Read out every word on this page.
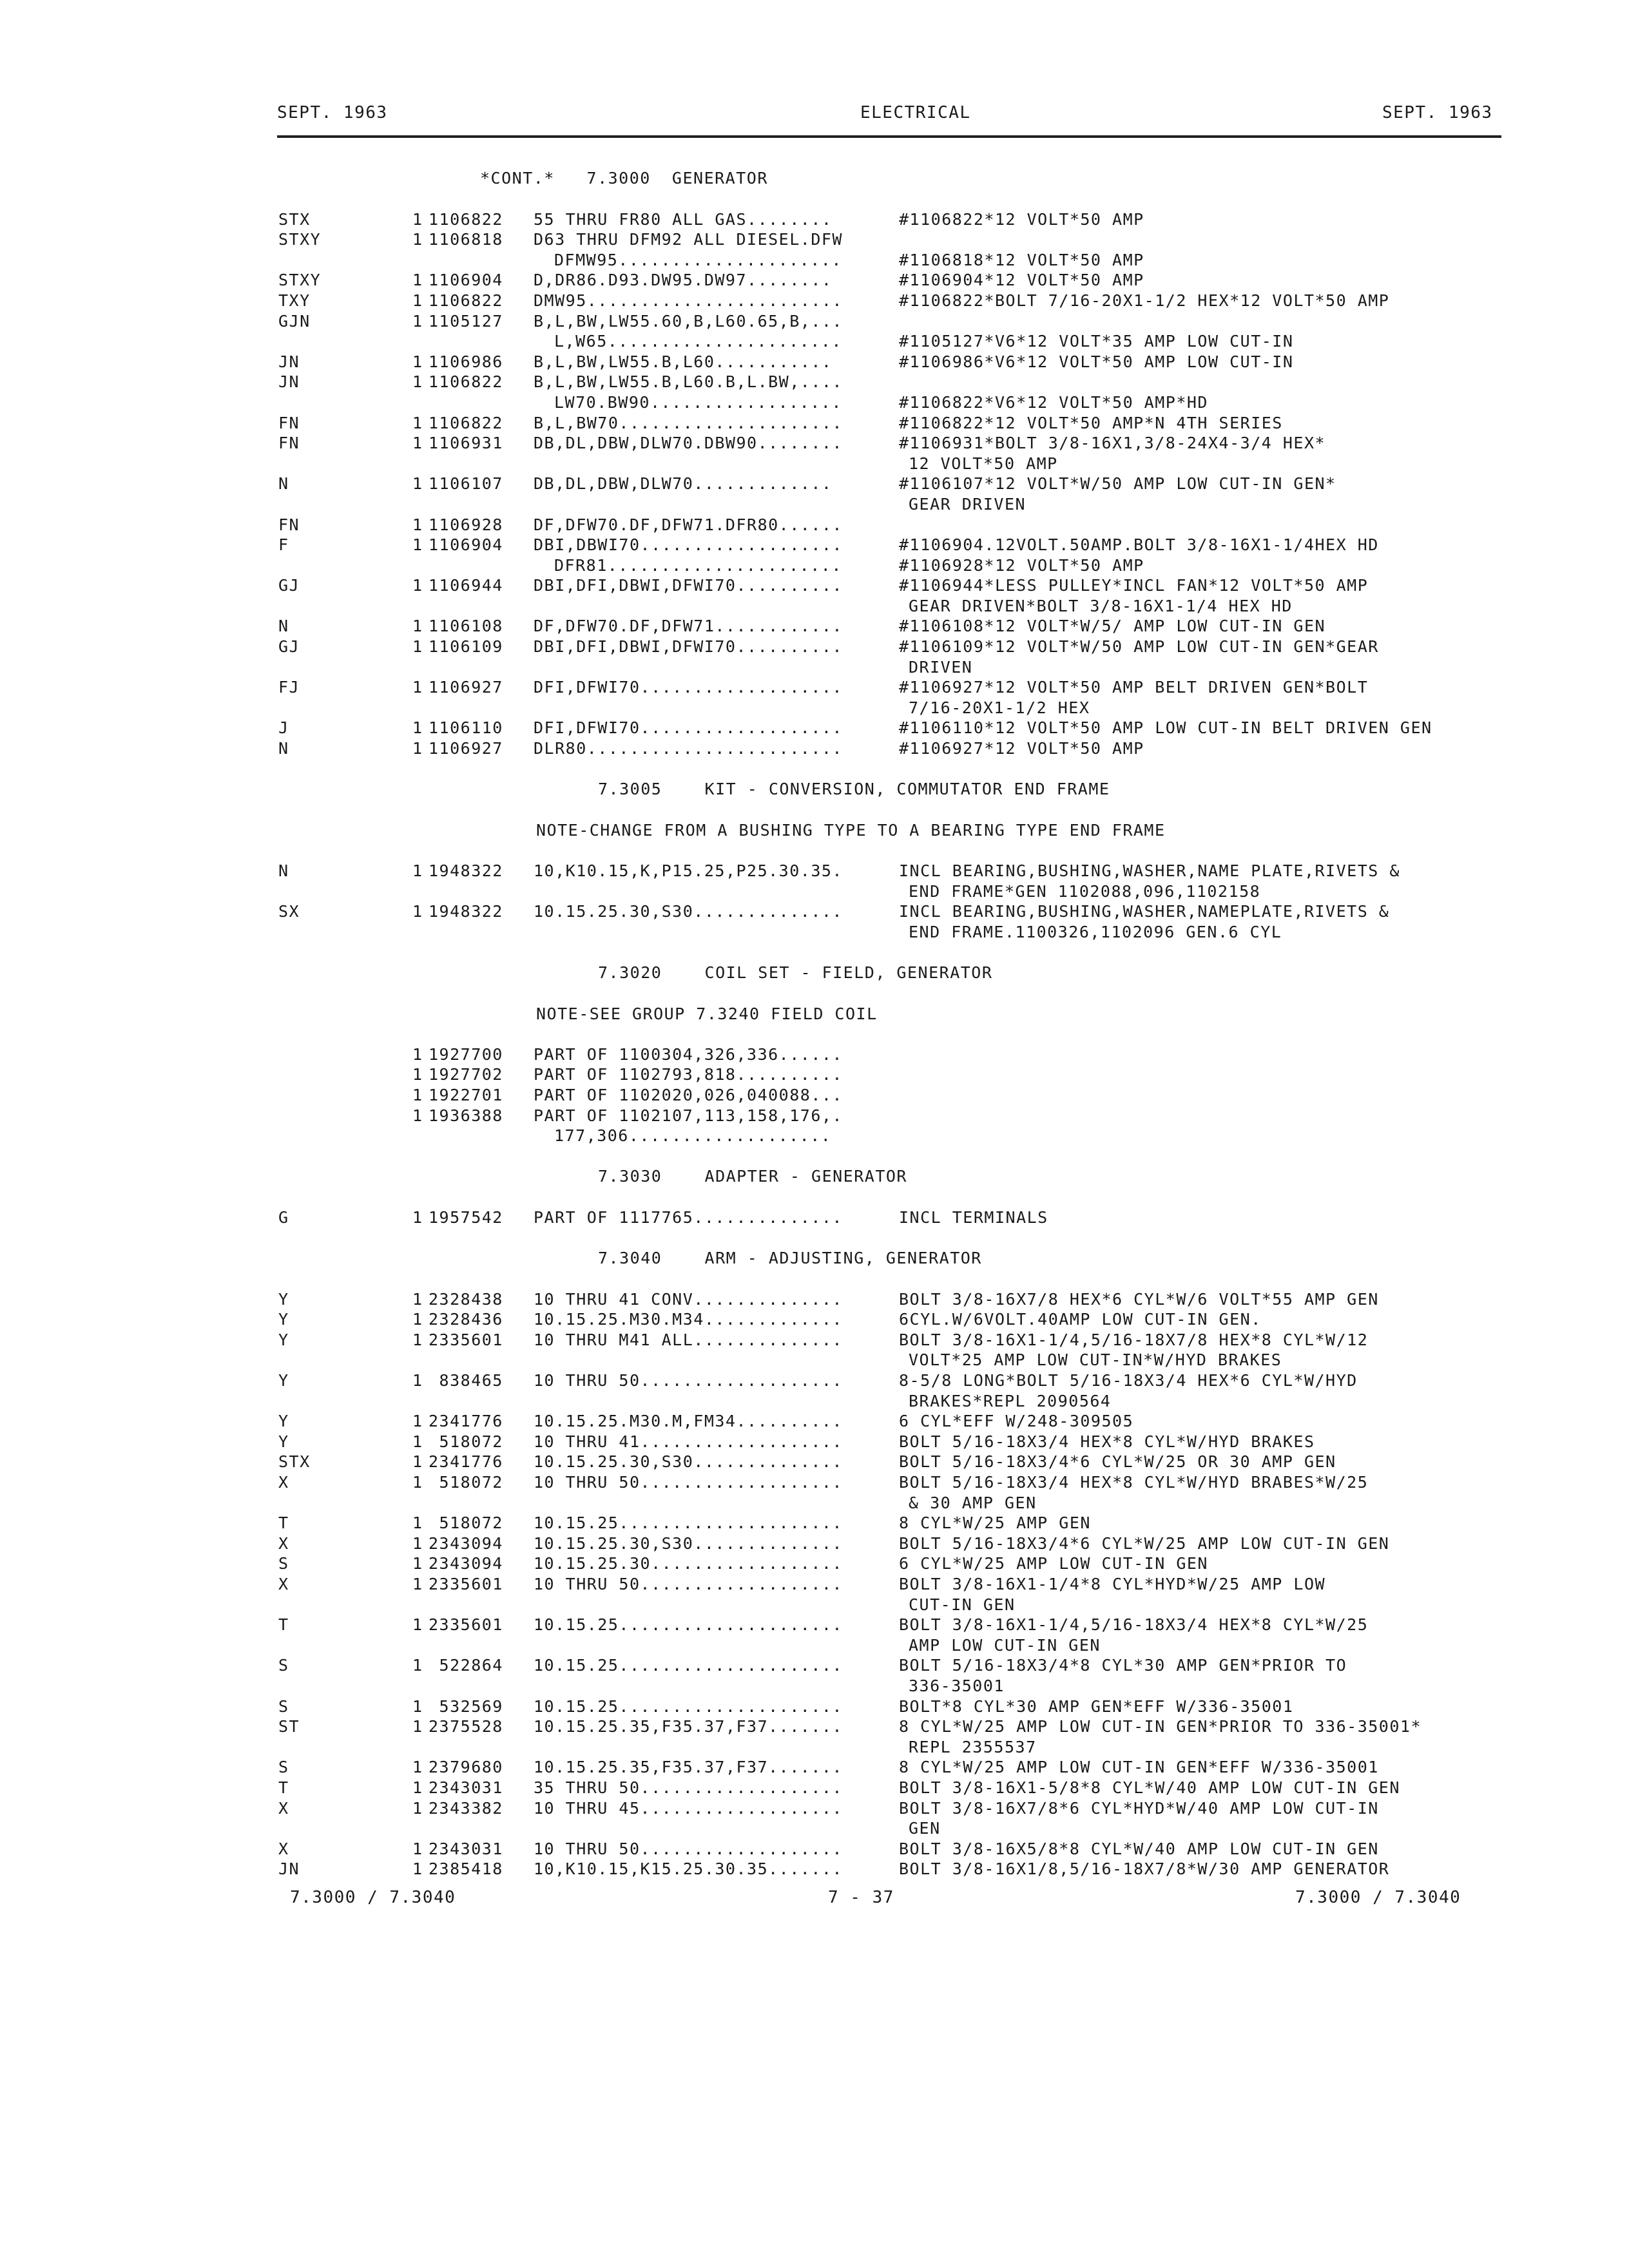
SEPT. 1963	ELECTRICAL	SEPT. 1963
*CONT.*   7.3000  GENERATOR
STX	1 1106822 55 THRU FR80 ALL GAS........	#1106822*12 VOLT*50 AMP
STXY	1 1106818 D63 THRU DFM92 ALL DIESEL.DFW
DFMW95.....................	#1106818*12 VOLT*50 AMP
STXY	1 1106904 D,DR86.D93.DW95.DW97........	#1106904*12 VOLT*50 AMP
TXY	1 1106822 DMW95........................	#1106822*BOLT 7/16-20X1-1/2 HEX*12 VOLT*50 AMP
GJN	1 1105127 B,L,BW,LW55.60,B,L60.65,B,...
L,W65......................	#1105127*V6*12 VOLT*35 AMP LOW CUT-IN
JN	1 1106986 B,L,BW,LW55.B,L60...........	#1106986*V6*12 VOLT*50 AMP LOW CUT-IN
JN	1 1106822 B,L,BW,LW55.B,L60.B,L.BW,....
LW70.BW90..................	#1106822*V6*12 VOLT*50 AMP*HD
FN	1 1106822 B,L,BW70.....................	#1106822*12 VOLT*50 AMP*N 4TH SERIES
FN	1 1106931 DB,DL,DBW,DLW70.DBW90........	#1106931*BOLT 3/8-16X1,3/8-24X4-3/4 HEX*
12 VOLT*50 AMP
N	1 1106107 DB,DL,DBW,DLW70.............	#1106107*12 VOLT*W/50 AMP LOW CUT-IN GEN*
GEAR DRIVEN
FN	1 1106928 DF,DFW70.DF,DFW71.DFR80......
F	1 1106904 DBI,DBWI70...................	#1106904.12VOLT.50AMP.BOLT 3/8-16X1-1/4HEX HD
DFR81......................	#1106928*12 VOLT*50 AMP
GJ	1 1106944 DBI,DFI,DBWI,DFWI70..........	#1106944*LESS PULLEY*INCL FAN*12 VOLT*50 AMP
GEAR DRIVEN*BOLT 3/8-16X1-1/4 HEX HD
N	1 1106108 DF,DFW70.DF,DFW71............	#1106108*12 VOLT*W/5/ AMP LOW CUT-IN GEN
GJ	1 1106109 DBI,DFI,DBWI,DFWI70..........	#1106109*12 VOLT*W/50 AMP LOW CUT-IN GEN*GEAR
DRIVEN
FJ	1 1106927 DFI,DFWI70...................	#1106927*12 VOLT*50 AMP BELT DRIVEN GEN*BOLT
7/16-20X1-1/2 HEX
J	1 1106110 DFI,DFWI70...................	#1106110*12 VOLT*50 AMP LOW CUT-IN BELT DRIVEN GEN
N	1 1106927 DLR80........................	#1106927*12 VOLT*50 AMP
7.3005    KIT - CONVERSION, COMMUTATOR END FRAME
NOTE-CHANGE FROM A BUSHING TYPE TO A BEARING TYPE END FRAME
N	1 1948322 10,K10.15,K,P15.25,P25.30.35.	INCL BEARING,BUSHING,WASHER,NAME PLATE,RIVETS &
END FRAME*GEN 1102088,096,1102158
SX	1 1948322 10.15.25.30,S30..............	INCL BEARING,BUSHING,WASHER,NAMEPLATE,RIVETS &
END FRAME.1100326,1102096 GEN.6 CYL
7.3020    COIL SET - FIELD, GENERATOR
NOTE-SEE GROUP 7.3240 FIELD COIL
1 1927700 PART OF 1100304,326,336......
1 1927702 PART OF 1102793,818..........
1 1922701 PART OF 1102020,026,040088...
1 1936388 PART OF 1102107,113,158,176,.
177,306...................
7.3030    ADAPTER - GENERATOR
G	1 1957542 PART OF 1117765..............	INCL TERMINALS
7.3040    ARM - ADJUSTING, GENERATOR
Y	1 2328438 10 THRU 41 CONV..............	BOLT 3/8-16X7/8 HEX*6 CYL*W/6 VOLT*55 AMP GEN
Y	1 2328436 10.15.25.M30.M34.............	6CYL.W/6VOLT.40AMP LOW CUT-IN GEN.
Y	1 2335601 10 THRU M41 ALL..............	BOLT 3/8-16X1-1/4,5/16-18X7/8 HEX*8 CYL*W/12
VOLT*25 AMP LOW CUT-IN*W/HYD BRAKES
Y	1 838465 10 THRU 50...................	8-5/8 LONG*BOLT 5/16-18X3/4 HEX*6 CYL*W/HYD
BRAKES*REPL 2090564
Y	1 2341776 10.15.25.M30.M,FM34..........	6 CYL*EFF W/248-309505
Y	1 518072 10 THRU 41...................	BOLT 5/16-18X3/4 HEX*8 CYL*W/HYD BRAKES
STX	1 2341776 10.15.25.30,S30..............	BOLT 5/16-18X3/4*6 CYL*W/25 OR 30 AMP GEN
X	1 518072 10 THRU 50...................	BOLT 5/16-18X3/4 HEX*8 CYL*W/HYD BRABES*W/25
& 30 AMP GEN
T	1 518072 10.15.25.....................	8 CYL*W/25 AMP GEN
X	1 2343094 10.15.25.30,S30..............	BOLT 5/16-18X3/4*6 CYL*W/25 AMP LOW CUT-IN GEN
S	1 2343094 10.15.25.30..................	6 CYL*W/25 AMP LOW CUT-IN GEN
X	1 2335601 10 THRU 50...................	BOLT 3/8-16X1-1/4*8 CYL*HYD*W/25 AMP LOW
CUT-IN GEN
T	1 2335601 10.15.25.....................	BOLT 3/8-16X1-1/4,5/16-18X3/4 HEX*8 CYL*W/25
AMP LOW CUT-IN GEN
S	1 522864 10.15.25.....................	BOLT 5/16-18X3/4*8 CYL*30 AMP GEN*PRIOR TO
336-35001
S	1 532569 10.15.25.....................	BOLT*8 CYL*30 AMP GEN*EFF W/336-35001
ST	1 2375528 10.15.25.35,F35.37,F37.......	8 CYL*W/25 AMP LOW CUT-IN GEN*PRIOR TO 336-35001*
REPL 2355537
S	1 2379680 10.15.25.35,F35.37,F37.......	8 CYL*W/25 AMP LOW CUT-IN GEN*EFF W/336-35001
T	1 2343031 35 THRU 50...................	BOLT 3/8-16X1-5/8*8 CYL*W/40 AMP LOW CUT-IN GEN
X	1 2343382 10 THRU 45...................	BOLT 3/8-16X7/8*6 CYL*HYD*W/40 AMP LOW CUT-IN
GEN
X	1 2343031 10 THRU 50...................	BOLT 3/8-16X5/8*8 CYL*W/40 AMP LOW CUT-IN GEN
JN	1 2385418 10,K10.15,K15.25.30.35.......	BOLT 3/8-16X1/8,5/16-18X7/8*W/30 AMP GENERATOR
7.3000 / 7.3040	7 - 37	7.3000 / 7.3040
